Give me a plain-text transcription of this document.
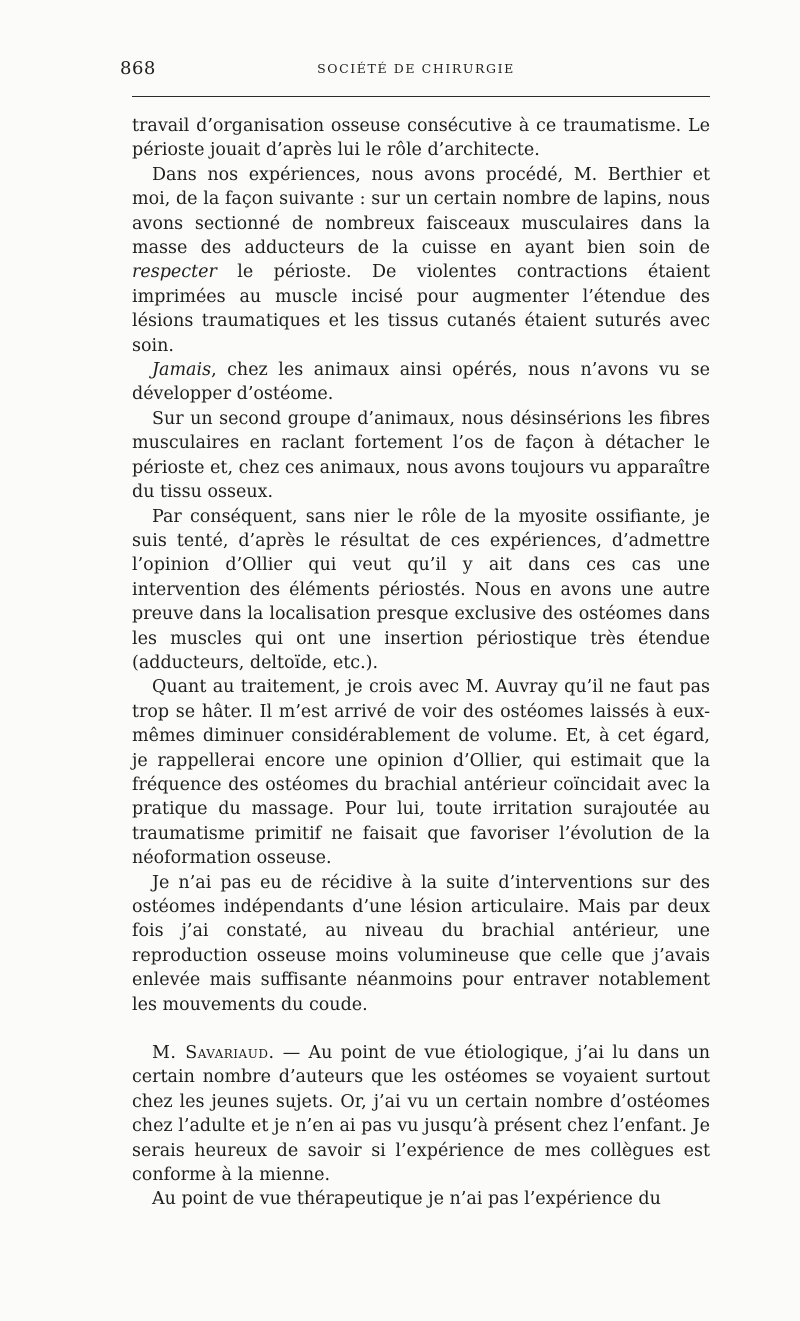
868	SOCIÉTÉ DE CHIRURGIE

travail d’organisation osseuse consécutive à ce traumatisme. Le périoste jouait d’après lui le rôle d’architecte.

Dans nos expériences, nous avons procédé, M. Berthier et moi, de la façon suivante : sur un certain nombre de lapins, nous avons sectionné de nombreux faisceaux musculaires dans la masse des adducteurs de la cuisse en ayant bien soin de respecter le périoste. De violentes contractions étaient imprimées au muscle incisé pour augmenter l’étendue des lésions traumatiques et les tissus cutanés étaient suturés avec soin.

Jamais, chez les animaux ainsi opérés, nous n’avons vu se développer d’ostéome.

Sur un second groupe d’animaux, nous désinsérions les fibres musculaires en raclant fortement l’os de façon à détacher le périoste et, chez ces animaux, nous avons toujours vu apparaître du tissu osseux.

Par conséquent, sans nier le rôle de la myosite ossifiante, je suis tenté, d’après le résultat de ces expériences, d’admettre l’opinion d’Ollier qui veut qu’il y ait dans ces cas une intervention des éléments périostés. Nous en avons une autre preuve dans la localisation presque exclusive des ostéomes dans les muscles qui ont une insertion périostique très étendue (adducteurs, deltoïde, etc.).

Quant au traitement, je crois avec M. Auvray qu’il ne faut pas trop se hâter. Il m’est arrivé de voir des ostéomes laissés à eux-mêmes diminuer considérablement de volume. Et, à cet égard, je rappellerai encore une opinion d’Ollier, qui estimait que la fréquence des ostéomes du brachial antérieur coïncidait avec la pratique du massage. Pour lui, toute irritation surajoutée au traumatisme primitif ne faisait que favoriser l’évolution de la néoformation osseuse.

Je n’ai pas eu de récidive à la suite d’interventions sur des ostéomes indépendants d’une lésion articulaire. Mais par deux fois j’ai constaté, au niveau du brachial antérieur, une reproduction osseuse moins volumineuse que celle que j’avais enlevée mais suffisante néanmoins pour entraver notablement les mouvements du coude.

M. Savariaud. — Au point de vue étiologique, j’ai lu dans un certain nombre d’auteurs que les ostéomes se voyaient surtout chez les jeunes sujets. Or, j’ai vu un certain nombre d’ostéomes chez l’adulte et je n’en ai pas vu jusqu’à présent chez l’enfant. Je serais heureux de savoir si l’expérience de mes collègues est conforme à la mienne.

Au point de vue thérapeutique je n’ai pas l’expérience du
